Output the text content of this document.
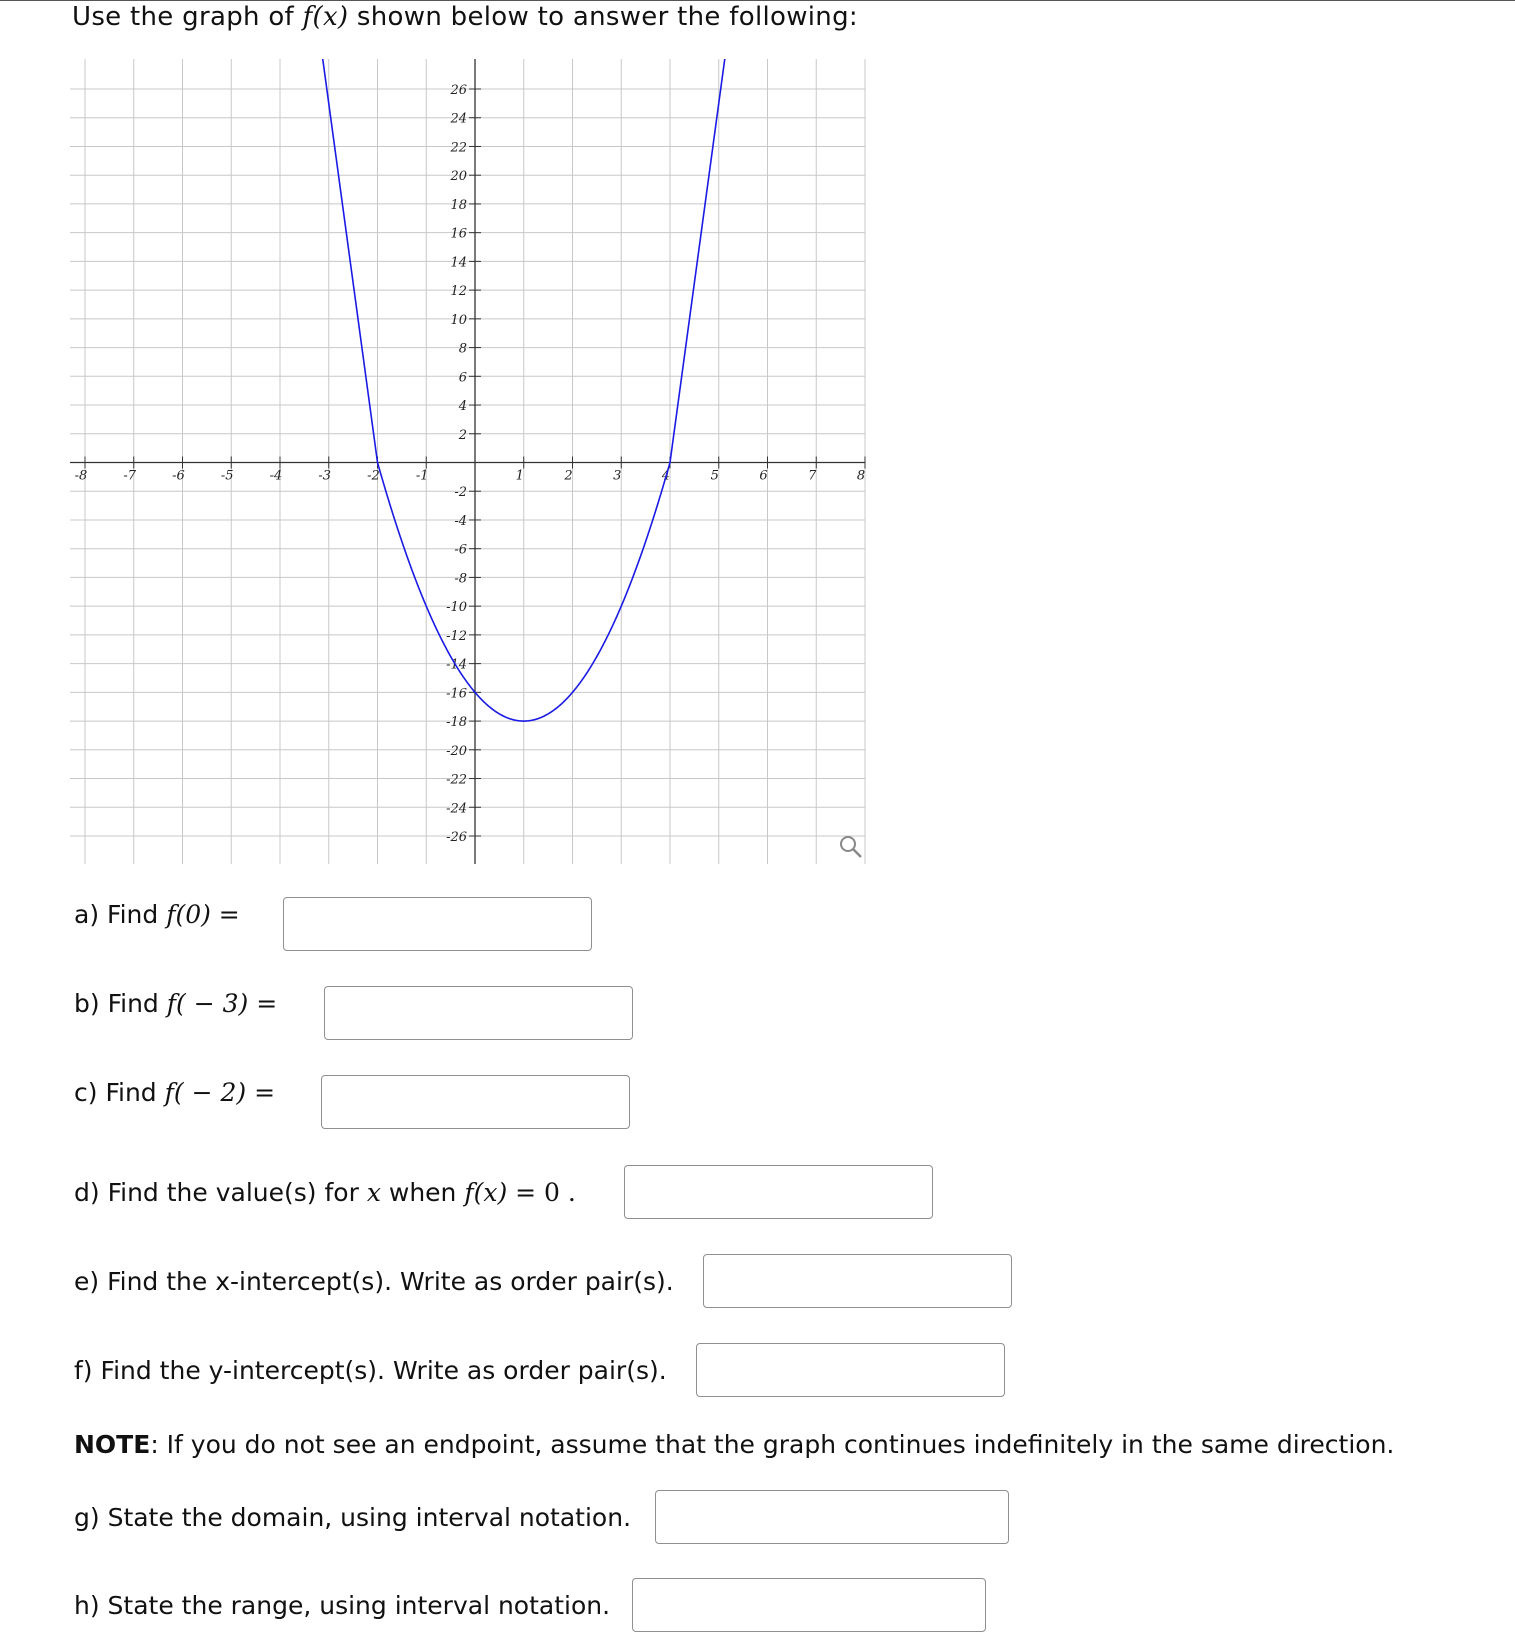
Use the graph of f(x) shown below to answer the following:
-8	-7	-6	-5	-4	-3	-2	-1	1	2	3	4	5	6	7	8
26
24
22
20
18
16
14
12
10
8
6
4
2
-2
-4
-6
-8
-10
-12
-14
-16
-18
-20
-22
-24
-26
a) Find f(0) =
b) Find f( − 3) =
c) Find f( − 2) =
d) Find the value(s) for x when f(x) = 0 .
e) Find the x-intercept(s). Write as order pair(s).
f) Find the y-intercept(s). Write as order pair(s).
NOTE: If you do not see an endpoint, assume that the graph continues indefinitely in the same direction.
g) State the domain, using interval notation.
h) State the range, using interval notation.
